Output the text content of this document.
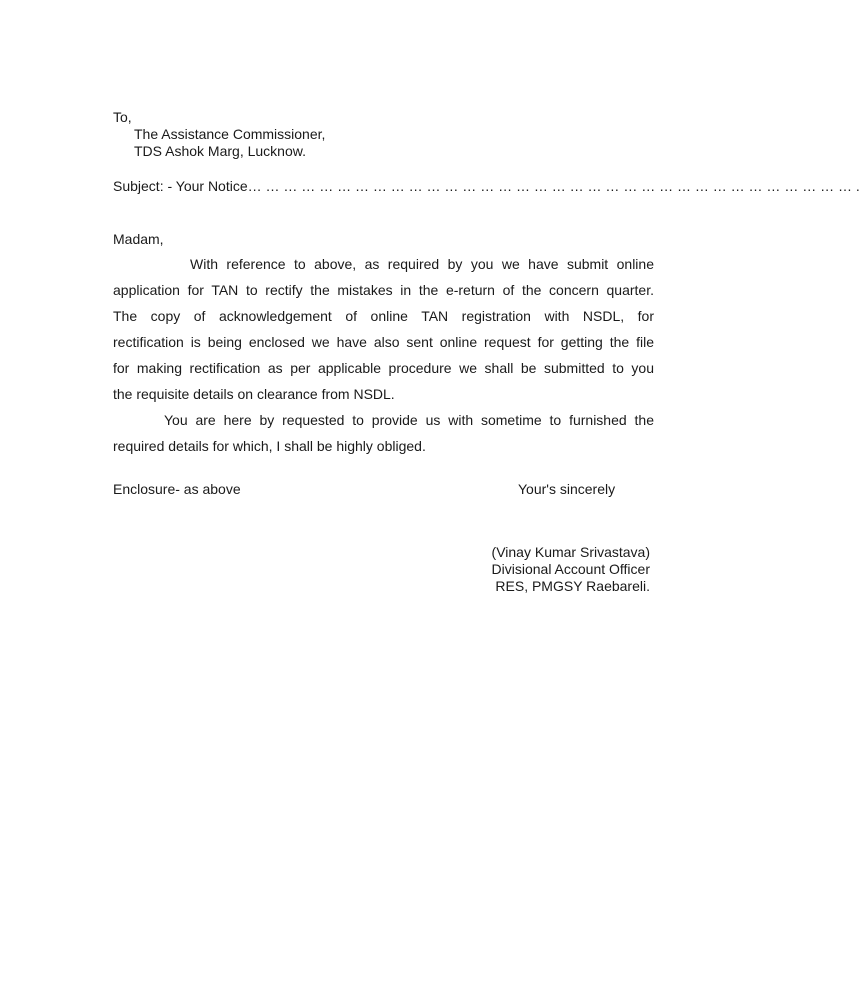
To,
The Assistance Commissioner,
TDS Ashok Marg, Lucknow.
Subject: - Your Notice… … … … … … … … … … … … … … … … … … … … … … … … … … … … … … … … … … .
Madam,
With reference to above, as required by you we have submit online
application for TAN to rectify the mistakes in the e-return of the concern quarter.
The copy of acknowledgement of online TAN registration with NSDL, for
rectification is being enclosed we have also sent online request for getting the file
for making rectification as per applicable procedure we shall be submitted to you
the requisite details on clearance from NSDL.
You are here by requested to provide us with sometime to furnished the
required details for which, I shall be highly obliged.
Enclosure- as above	Your's sincerely
(Vinay Kumar Srivastava)
Divisional Account Officer
RES, PMGSY Raebareli.
